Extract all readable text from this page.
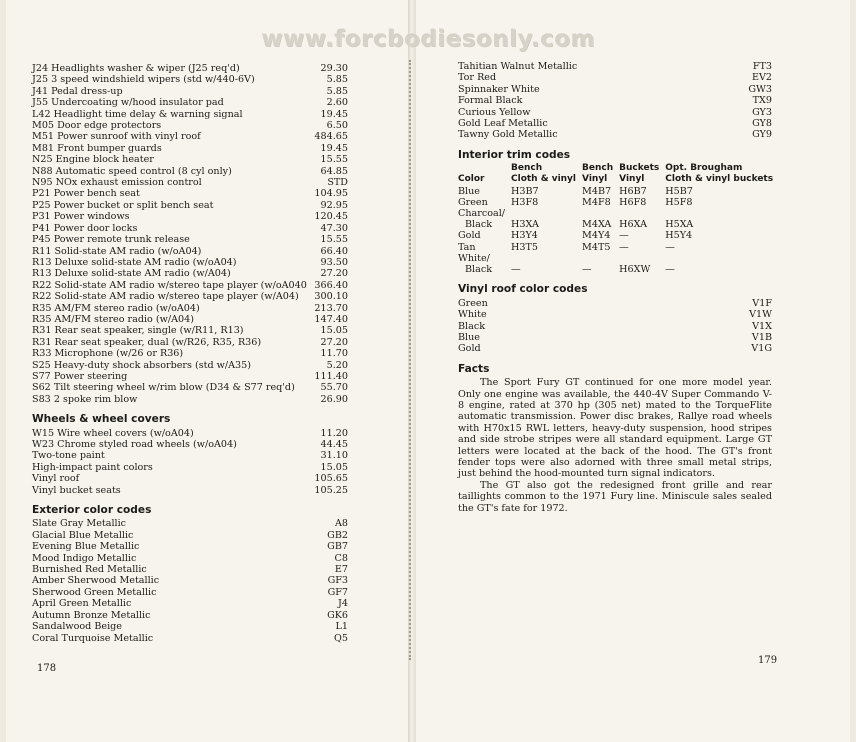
www.forcbodiesonly.com
J24 Headlights washer & wiper (J25 req'd)	29.30
J25 3 speed windshield wipers (std w/440-6V)	5.85
J41 Pedal dress-up	5.85
J55 Undercoating w/hood insulator pad	2.60
L42 Headlight time delay & warning signal	19.45
M05 Door edge protectors	6.50
M51 Power sunroof with vinyl roof	484.65
M81 Front bumper guards	19.45
N25 Engine block heater	15.55
N88 Automatic speed control (8 cyl only)	64.85
N95 NOx exhaust emission control	STD
P21 Power bench seat	104.95
P25 Power bucket or split bench seat	92.95
P31 Power windows	120.45
P41 Power door locks	47.30
P45 Power remote trunk release	15.55
R11 Solid-state AM radio (w/oA04)	66.40
R13 Deluxe solid-state AM radio (w/oA04)	93.50
R13 Deluxe solid-state AM radio (w/A04)	27.20
R22 Solid-state AM radio w/stereo tape player (w/oA040 366.40
R22 Solid-state AM radio w/stereo tape player (w/A04)	300.10
R35 AM/FM stereo radio (w/oA04)	213.70
R35 AM/FM stereo radio (w/A04)	147.40
R31 Rear seat speaker, single (w/R11, R13)	15.05
R31 Rear seat speaker, dual (w/R26, R35, R36)	27.20
R33 Microphone (w/26 or R36)	11.70
S25 Heavy-duty shock absorbers (std w/A35)	5.20
S77 Power steering	111.40
S62 Tilt steering wheel w/rim blow (D34 & S77 req'd)	55.70
S83 2 spoke rim blow	26.90
Wheels & wheel covers
W15 Wire wheel covers (w/oA04)	11.20
W23 Chrome styled road wheels (w/oA04)	44.45
Two-tone paint	31.10
High-impact paint colors	15.05
Vinyl roof	105.65
Vinyl bucket seats	105.25
Exterior color codes
Slate Gray Metallic	A8
Glacial Blue Metallic	GB2
Evening Blue Metallic	GB7
Mood Indigo Metallic	C8
Burnished Red Metallic	E7
Amber Sherwood Metallic	GF3
Sherwood Green Metallic	GF7
April Green Metallic	J4
Autumn Bronze Metallic	GK6
Sandalwood Beige	L1
Coral Turquoise Metallic	Q5
178
Tahitian Walnut Metallic	FT3
Tor Red	EV2
Spinnaker White	GW3
Formal Black	TX9
Curious Yellow	GY3
Gold Leaf Metallic	GY8
Tawny Gold Metallic	GY9
Interior trim codes
	Bench	Bench	Buckets	Opt. Brougham
Color	Cloth & vinyl	Vinyl	Vinyl	Cloth & vinyl buckets
Blue	H3B7	M4B7	H6B7	H5B7
Green	H3F8	M4F8	H6F8	H5F8
Charcoal/				
Black	H3XA	M4XA	H6XA	H5XA
Gold	H3Y4	M4Y4	—	H5Y4
Tan	H3T5	M4T5	—	—
White/				
Black	—	—	H6XW	—
Vinyl roof color codes
Green	V1F
White	V1W
Black	V1X
Blue	V1B
Gold	V1G
Facts

The Sport Fury GT continued for one more model year. Only one engine was available, the 440-4V Super Commando V-8 engine, rated at 370 hp (305 net) mated to the TorqueFlite automatic transmission. Power disc brakes, Rallye road wheels with H70x15 RWL letters, heavy-duty suspension, hood stripes and side strobe stripes were all standard equipment. Large GT letters were located at the back of the hood. The GT's front fender tops were also adorned with three small metal strips, just behind the hood-mounted turn signal indicators.

The GT also got the redesigned front grille and rear taillights common to the 1971 Fury line. Miniscule sales sealed the GT's fate for 1972.

179
